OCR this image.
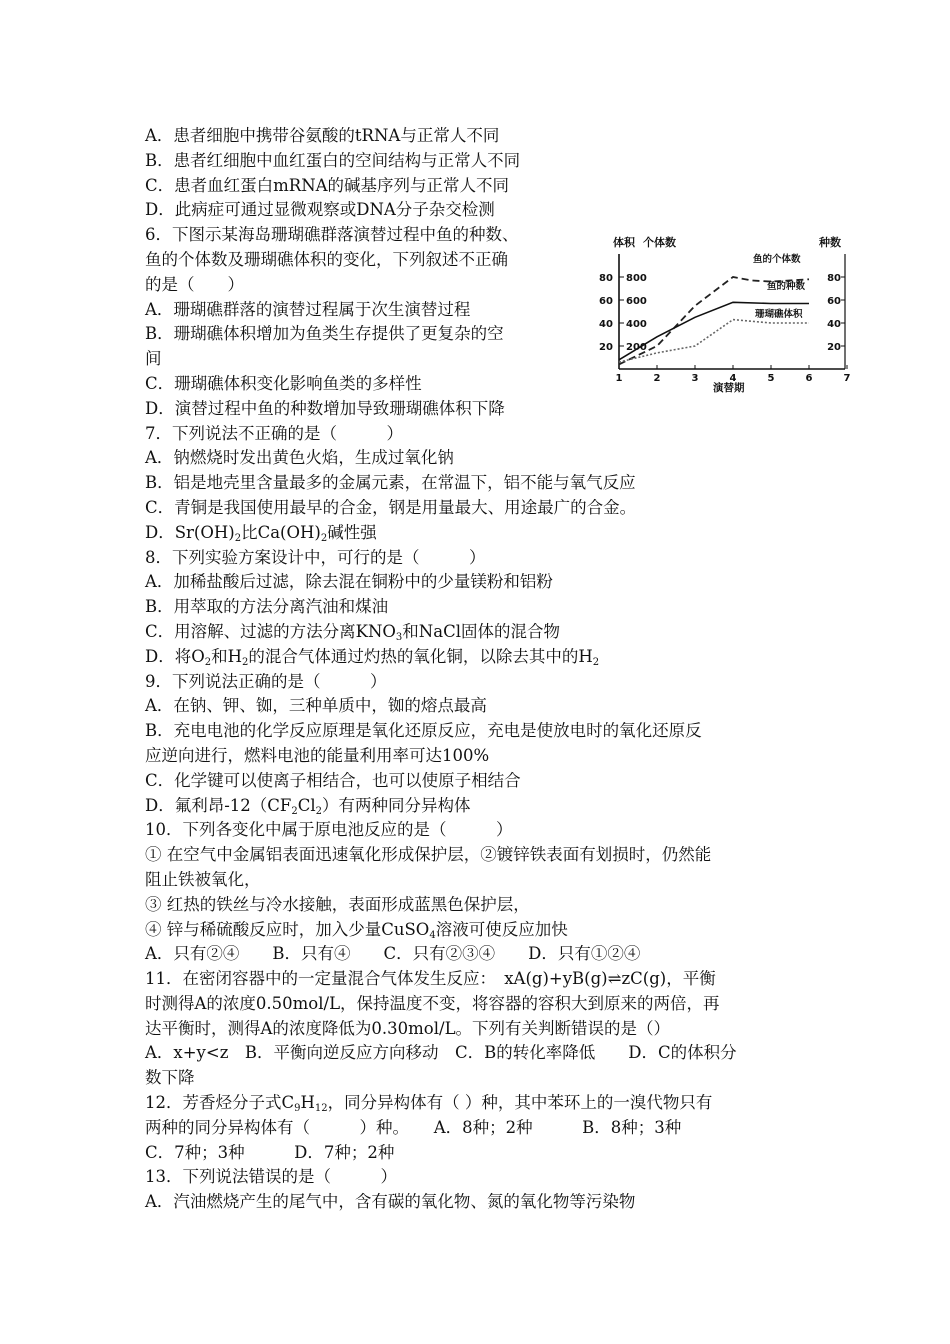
A．患者细胞中携带谷氨酸的tRNA与正常人不同
B．患者红细胞中血红蛋白的空间结构与正常人不同
C．患者血红蛋白mRNA的碱基序列与正常人不同
D．此病症可通过显微观察或DNA分子杂交检测
6．下图示某海岛珊瑚礁群落演替过程中鱼的种数、
鱼的个体数及珊瑚礁体积的变化，下列叙述不正确
的是（　　）
A．珊瑚礁群落的演替过程属于次生演替过程
B．珊瑚礁体积增加为鱼类生存提供了更复杂的空
间
C．珊瑚礁体积变化影响鱼类的多样性
D．演替过程中鱼的种数增加导致珊瑚礁体积下降
7．下列说法不正确的是（　　　）
A．钠燃烧时发出黄色火焰，生成过氧化钠
B．铝是地壳里含量最多的金属元素，在常温下，铝不能与氧气反应
C．青铜是我国使用最早的合金，钢是用量最大、用途最广的合金。
D．$Sr(OH)_2$比$Ca(OH)_2$碱性强
8．下列实验方案设计中，可行的是（　　　）
A．加稀盐酸后过滤，除去混在铜粉中的少量镁粉和铝粉
B．用萃取的方法分离汽油和煤油
C．用溶解、过滤的方法分离$KNO_3$和NaCl固体的混合物
D．将$O_2$和$H_2$的混合气体通过灼热的氧化铜，以除去其中的$H_2$
9．下列说法正确的是（　　　）
A．在钠、钾、铷，三种单质中，铷的熔点最高
B．充电电池的化学反应原理是氧化还原反应，充电是使放电时的氧化还原反
应逆向进行，燃料电池的能量利用率可达100%
C．化学键可以使离子相结合，也可以使原子相结合
D．氟利昂$-12(CF_2Cl_2)$有两种同分异构体
10．下列各变化中属于原电池反应的是（　　　）
① 在空气中金属铝表面迅速氧化形成保护层，②镀锌铁表面有划损时，仍然能
阻止铁被氧化，
③ 红热的铁丝与冷水接触，表面形成蓝黑色保护层，
④ 锌与稀硫酸反应时，加入少量CuSO$_4$溶液可使反应加快
A．只有②④　　B．只有④　　C．只有②③④　　D．只有①②④
11．在密闭容器中的一定量混合气体发生反应：　xA(g)+yB(g)⇌zC(g)，平衡
时测得A的浓度0.50mol/L，保持温度不变，将容器的容积大到原来的两倍，再
达平衡时，测得A的浓度降低为0.30mol/L。下列有关判断错误的是（）
A．x+y<z　B．平衡向逆反应方向移动　C．B的转化率降低　　D．C的体积分
数下降
12．芳香烃分子式$C_9H_{12}$，同分异构体有（ ）种，其中苯环上的一溴代物只有
两种的同分异构体有（　　　）种。　　A．8种；2种　　　B．8种；3种
C．7种；3种　　　D．7种；2种
13．下列说法错误的是（　　　）
A．汽油燃烧产生的尾气中，含有碳的氧化物、氮的氧化物等污染物
体积 个体数	种数
80
60
40
20
800
600
400
200
80
60
40
20
1	2	3	4	5	6	7
演替期
鱼的个体数
鱼的种数
珊瑚礁体积
